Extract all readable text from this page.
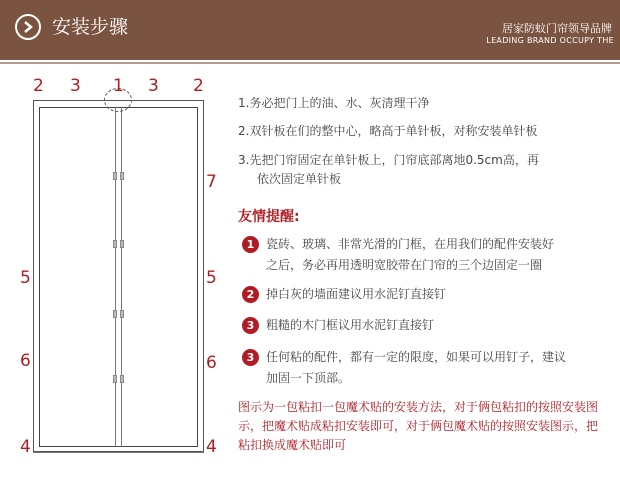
安装步骤	居家防蚊门帘领导品牌
LEADING BRAND OCCUPY THE
2 3 1 3 2
7
5	5
6	6
4	4
1.务必把门上的油、水、灰清理干净
2.双针板在们的整中心，略高于单针板，对称安装单针板
3.先把门帘固定在单针板上，门帘底部离地0.5cm高，再
依次固定单针板
友情提醒:
1 瓷砖、玻璃、非常光滑的门框，在用我们的配件安装好
之后，务必再用透明宽胶带在门帘的三个边固定一圈
2 掉白灰的墙面建议用水泥钉直接钉
3 粗糙的木门框议用水泥钉直接钉
3 任何粘的配件，都有一定的限度，如果可以用钉子，建议
加固一下顶部。
图示为一包粘扣一包魔术贴的安装方法，对于俩包粘扣的按照安装图示，把魔术贴成粘扣安装即可，对于俩包魔术贴的按照安装图示，把粘扣换成魔术贴即可
